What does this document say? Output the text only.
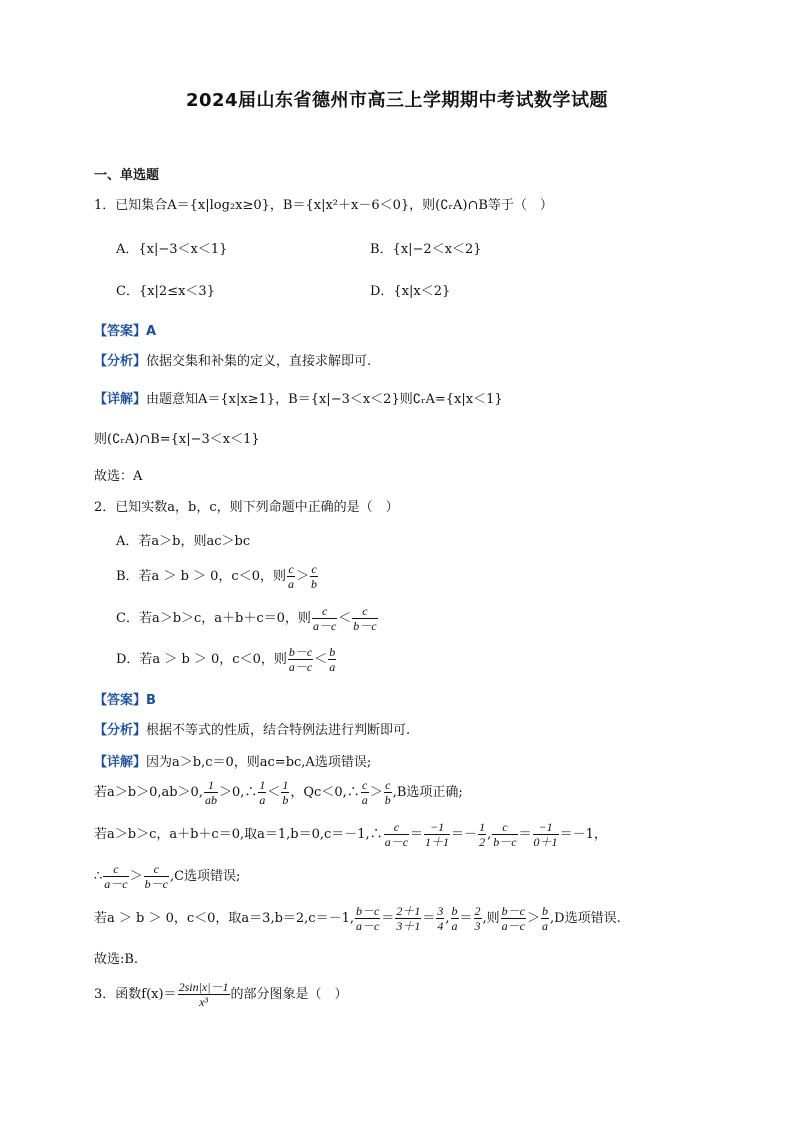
2024届山东省德州市高三上学期期中考试数学试题
一、单选题
1．已知集合A＝{x|log₂x≥0}，B＝{x|x²＋x－6＜0}，则(∁ᵣA)∩B等于（　）
A．{x|−3＜x＜1}	B．{x|−2＜x＜2}
C．{x|2≤x＜3}	D．{x|x＜2}
【答案】A
【分析】依据交集和补集的定义，直接求解即可.
【详解】由题意知A＝{x|x≥1}，B＝{x|−3＜x＜2}则∁ᵣA={x|x＜1}
则(∁ᵣA)∩B={x|−3＜x＜1}
故选：A
2．已知实数a，b，c，则下列命题中正确的是（　）
A．若a＞b，则ac＞bc
B．若a ＞ b ＞ 0，c＜0，则 $\frac{c}{a} > \frac{c}{b}$
C．若a＞b＞c，a＋b＋c＝0，则 $\frac{c}{a-c} < \frac{c}{b-c}$
D．若a ＞ b ＞ 0，c＜0，则 $\frac{b-c}{a-c} < \frac{b}{a}$
【答案】B
【分析】根据不等式的性质，结合特例法进行判断即可.
【详解】因为a＞b,c＝0，则ac=bc,A选项错误;
若a＞b＞0,ab＞0, $\frac{1}{ab}$ ＞0,∴ $\frac{1}{a} < \frac{1}{b}$ ，Qc＜0,∴ $\frac{c}{a} > \frac{c}{b} ,B$选项正确;
若a＞b＞c，a＋b＋c＝0,取a＝1,b＝0,c＝－1,∴ $\frac{c}{a-c} = \frac{-1}{1+1} =- \frac{1}{2}$ , $\frac{c}{b-c} = \frac{-1}{0+1} =-1$，
∴ $\frac{c}{a-c} > \frac{c}{b-c} ,C$选项错误;
若a ＞ b ＞ 0，c＜0，取a＝3,b＝2,c＝－1, $\frac{b-c}{a-c} = \frac{2+1}{3+1} = \frac{3}{4}$ , $\frac{b}{a} = \frac{2}{3}$ ,则 $\frac{b-c}{a-c} > \frac{b}{a} ,D$选项错误.
故选:B.
3．函数$f(x)= \frac{2\sin|x|-1}{\text{x³}}$ 的部分图象是（　）
